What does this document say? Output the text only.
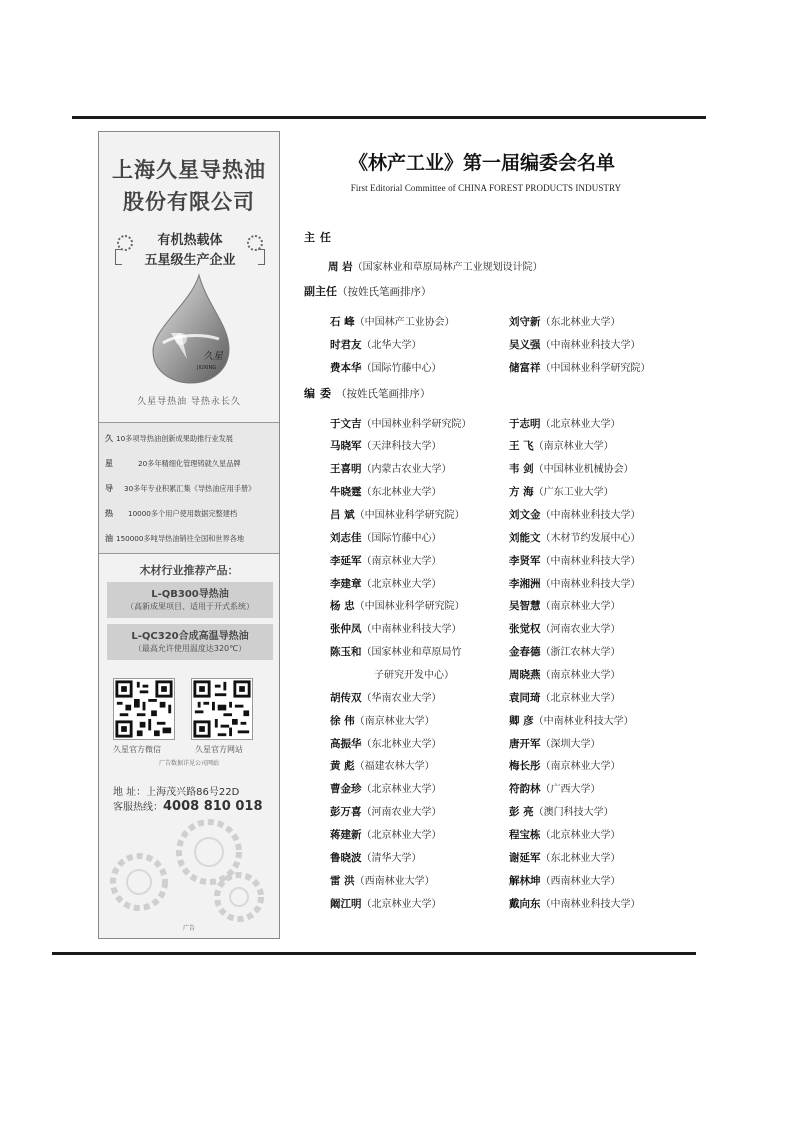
上海久星导热油
股份有限公司
有机热载体
五星级生产企业
久星
JIUXING
久星导热油 导热永长久
久 10多项导热油创新成果助推行业发展
星	20多年精细化管理铸就久星品牌
导 30多年专业积累汇集《导热油应用手册》
热 10000多个用户使用数据完整建档
油 150000多吨导热油销往全国和世界各地
木材行业推荐产品：
L-QB300导热油
（高新成果项目、适用于开式系统）
L-QC320合成高温导热油
（最高允许使用温度达320℃）
久星官方微信	久星官方网站
广告数据详见公司网站
地 址：上海茂兴路86号22D
客服热线：4008 810 018
广告
《林产工业》第一届编委会名单
First Editorial Committee of CHINA FOREST PRODUCTS INDUSTRY
主任
周 岩（国家林业和草原局林产工业规划设计院）
副主任（按姓氏笔画排序）
石 峰（中国林产工业协会）	刘守新（东北林业大学）
时君友（北华大学）	吴义强（中南林业科技大学）
费本华（国际竹藤中心）	储富祥（中国林业科学研究院）
编委（按姓氏笔画排序）
于文吉（中国林业科学研究院）	于志明（北京林业大学）
马晓军（天津科技大学）	王 飞（南京林业大学）
王喜明（内蒙古农业大学）	韦 剑（中国林业机械协会）
牛晓霆（东北林业大学）	方 海（广东工业大学）
吕 斌（中国林业科学研究院）	刘文金（中南林业科技大学）
刘志佳（国际竹藤中心）	刘能文（木材节约发展中心）
李延军（南京林业大学）	李贤军（中南林业科技大学）
李建章（北京林业大学）	李湘洲（中南林业科技大学）
杨 忠（中国林业科学研究院）	吴智慧（南京林业大学）
张仲凤（中南林业科技大学）	张觉权（河南农业大学）
陈玉和（国家林业和草原局竹	金春德（浙江农林大学）
子研究开发中心）	周晓燕（南京林业大学）
胡传双（华南农业大学）	袁同琦（北京林业大学）
徐 伟（南京林业大学）	卿 彦（中南林业科技大学）
高振华（东北林业大学）	唐开军（深圳大学）
黄 彪（福建农林大学）	梅长彤（南京林业大学）
曹金珍（北京林业大学）	符韵林（广西大学）
彭万喜（河南农业大学）	彭 亮（澳门科技大学）
蒋建新（北京林业大学）	程宝栋（北京林业大学）
鲁晓波（清华大学）	谢延军（东北林业大学）
雷 洪（西南林业大学）	解林坤（西南林业大学）
阚江明（北京林业大学）	戴向东（中南林业科技大学）
